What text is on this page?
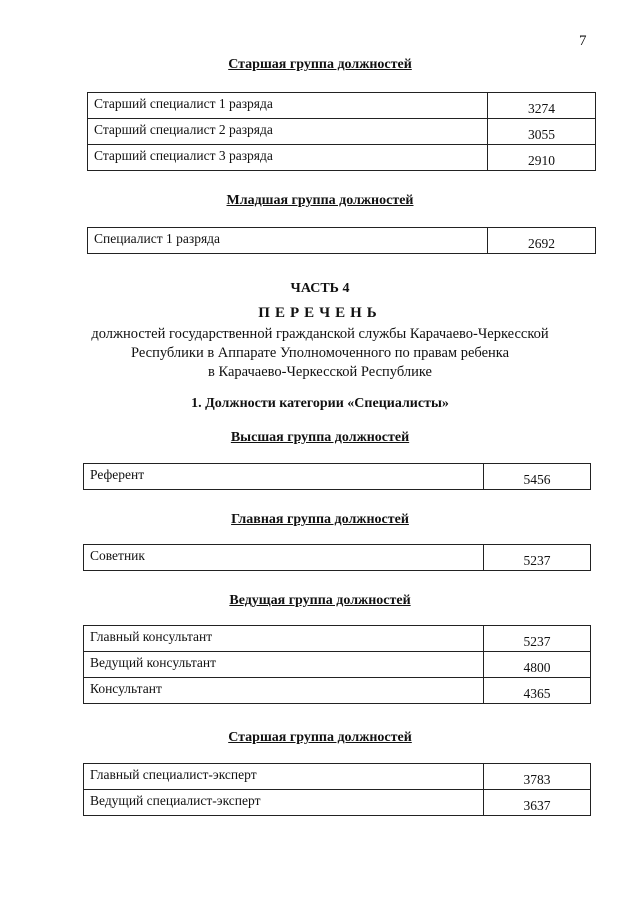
7
Старшая группа должностей
Старший специалист 1 разряда	3274
Старший специалист 2 разряда	3055
Старший специалист 3 разряда	2910
Младшая группа должностей
Специалист 1 разряда	2692
ЧАСТЬ 4
ПЕРЕЧЕНЬ
должностей государственной гражданской службы Карачаево-Черкесской
Республики в Аппарате Уполномоченного по правам ребенка
в Карачаево-Черкесской Республике
1. Должности категории «Специалисты»
Высшая группа должностей
Референт	5456
Главная группа должностей
Советник	5237
Ведущая группа должностей
Главный консультант	5237
Ведущий консультант	4800
Консультант	4365
Старшая группа должностей
Главный специалист-эксперт	3783
Ведущий специалист-эксперт	3637
